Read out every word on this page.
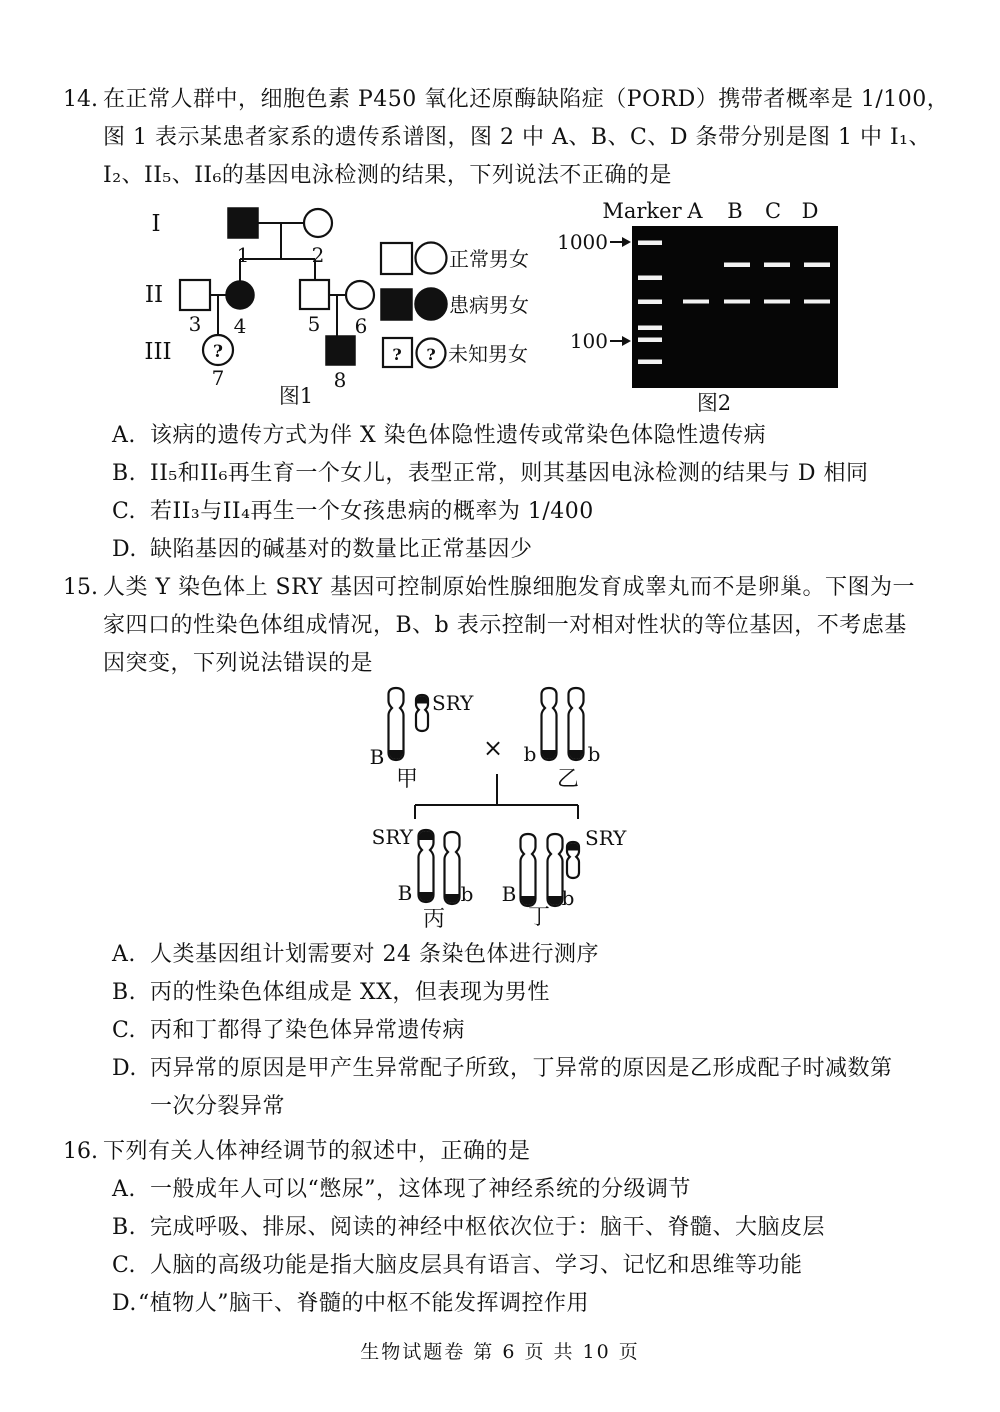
14. 在正常人群中，细胞色素 P450 氧化还原酶缺陷症（PORD）携带者概率是 1/100，
图 1 表示某患者家系的遗传系谱图，图 2 中 A、B、C、D 条带分别是图 1 中 I₁、
I₂、II₅、II₆的基因电泳检测的结果，下列说法不正确的是
I
II
III ?
1	2
3 4	5 6
7	8
图1
正常男女
患病男女
? ? 未知男女
Marker A B C D
1000
100
图2
A. 该病的遗传方式为伴 X 染色体隐性遗传或常染色体隐性遗传病
B. II₅和II₆再生育一个女儿，表型正常，则其基因电泳检测的结果与 D 相同
C. 若II₃与II₄再生一个女孩患病的概率为 1/400
D. 缺陷基因的碱基对的数量比正常基因少
15. 人类 Y 染色体上 SRY 基因可控制原始性腺细胞发育成睾丸而不是卵巢。下图为一
家四口的性染色体组成情况，B、b 表示控制一对相对性状的等位基因，不考虑基
因突变，下列说法错误的是
SRY
B
甲
× b	b
乙
SRY
B b
丙
SRY
B b
丁
A. 人类基因组计划需要对 24 条染色体进行测序
B. 丙的性染色体组成是 XX，但表现为男性
C. 丙和丁都得了染色体异常遗传病
D. 丙异常的原因是甲产生异常配子所致，丁异常的原因是乙形成配子时减数第
一次分裂异常
16. 下列有关人体神经调节的叙述中，正确的是
A. 一般成年人可以“憋尿”，这体现了神经系统的分级调节
B. 完成呼吸、排尿、阅读的神经中枢依次位于：脑干、脊髓、大脑皮层
C. 人脑的高级功能是指大脑皮层具有语言、学习、记忆和思维等功能
D.“植物人”脑干、脊髓的中枢不能发挥调控作用
生物试题卷 第 6 页 共 10 页
